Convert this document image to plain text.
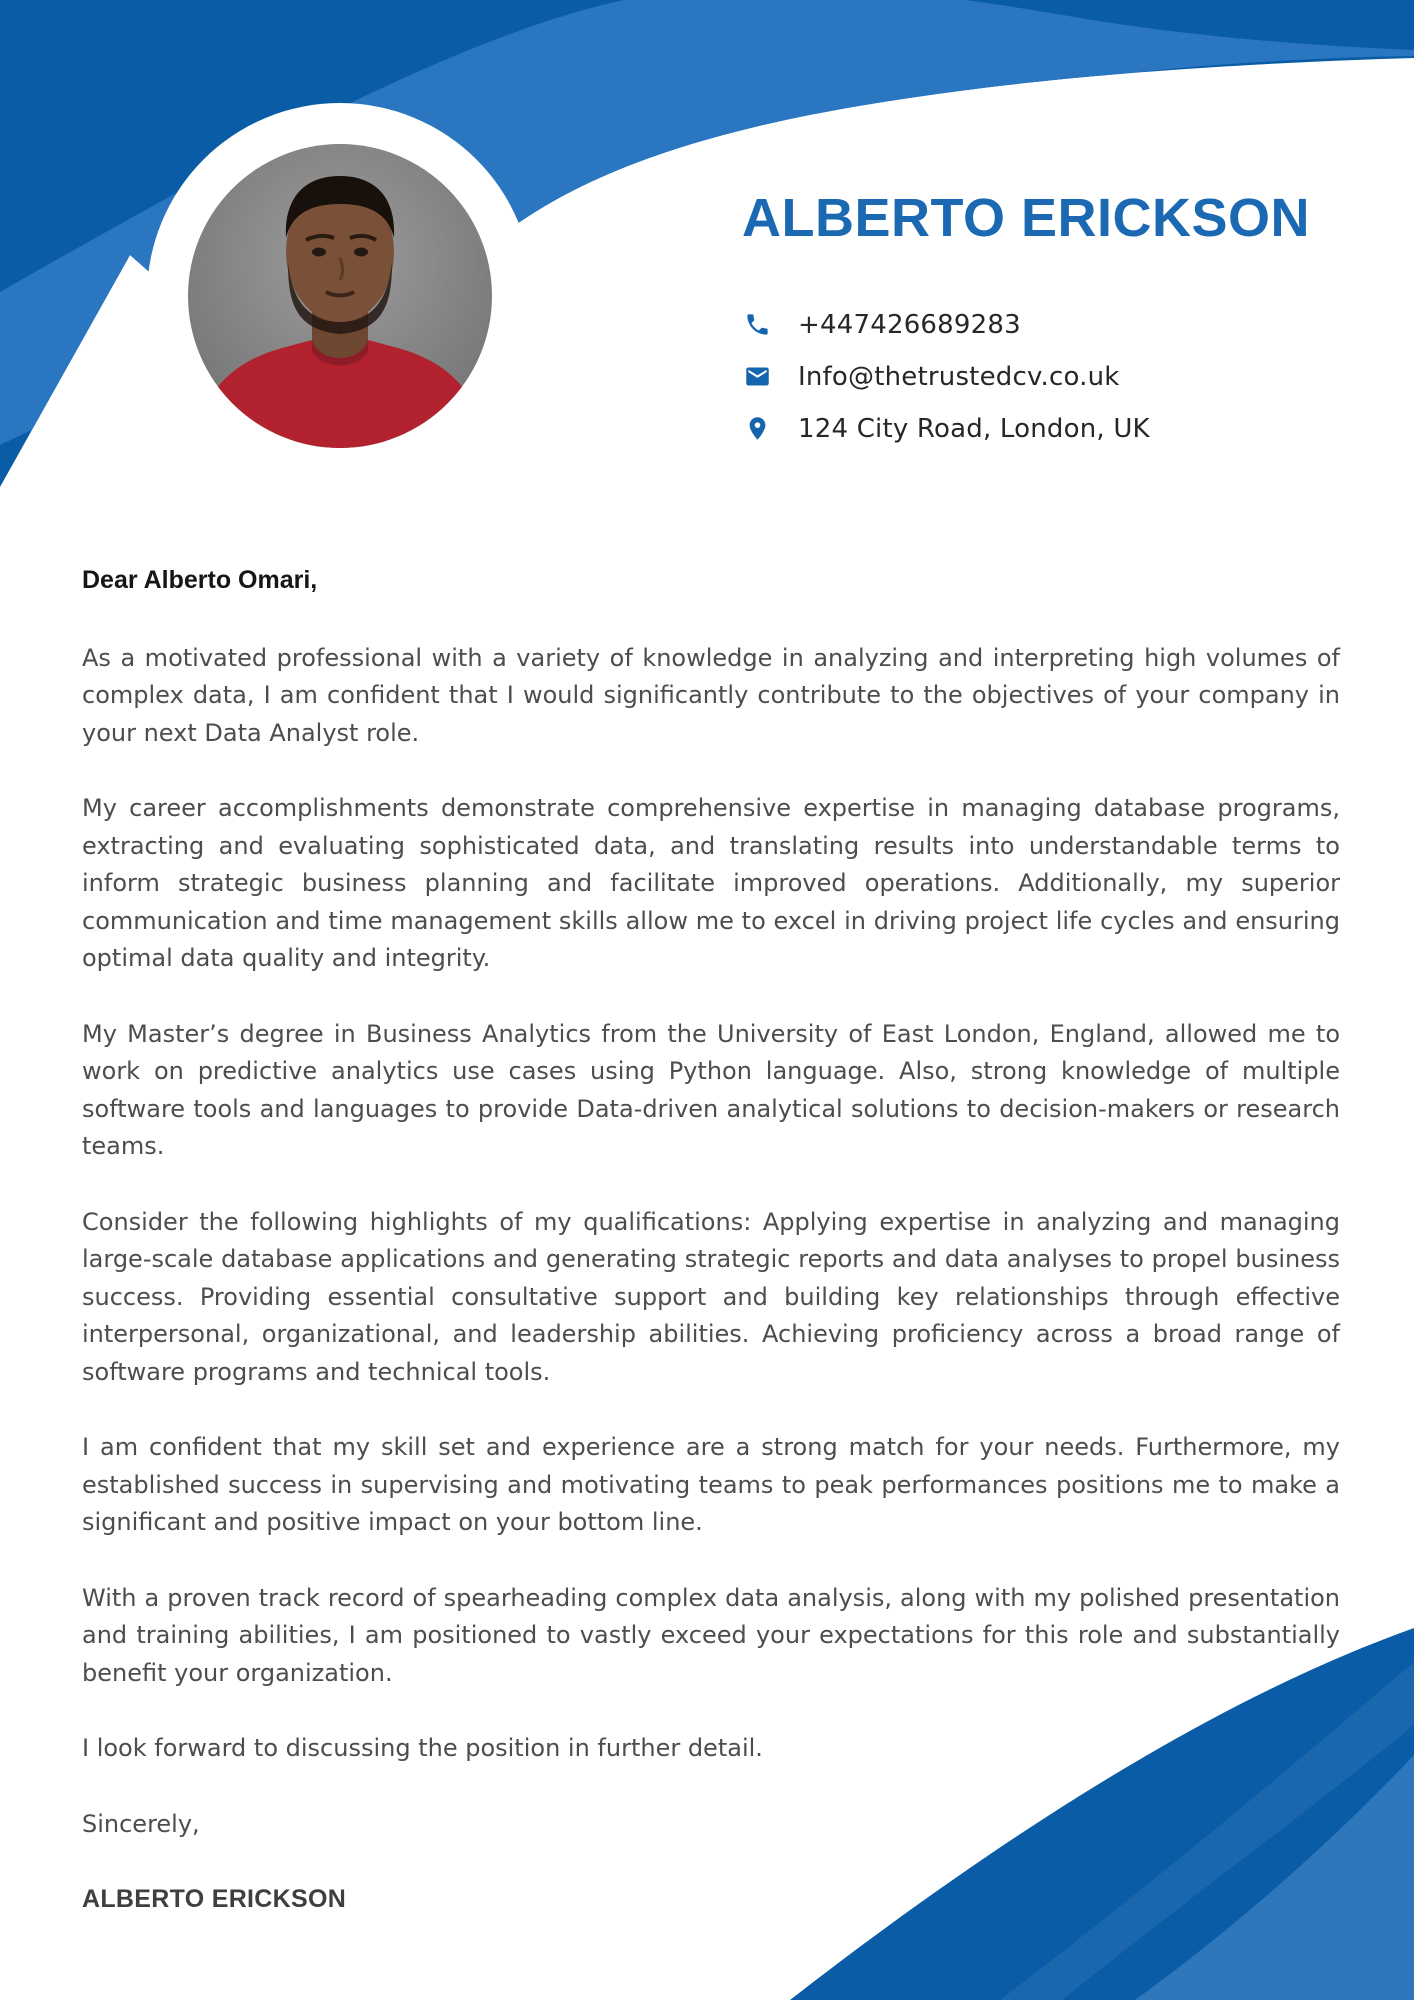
ALBERTO ERICKSON
+447426689283
Info@thetrustedcv.co.uk
124 City Road, London, UK

Dear Alberto Omari,

As a motivated professional with a variety of knowledge in analyzing and interpreting high volumes of complex data, I am confident that I would significantly contribute to the objectives of your company in your next Data Analyst role.

My career accomplishments demonstrate comprehensive expertise in managing database programs, extracting and evaluating sophisticated data, and translating results into understandable terms to inform strategic business planning and facilitate improved operations. Additionally, my superior communication and time management skills allow me to excel in driving project life cycles and ensuring optimal data quality and integrity.

My Master’s degree in Business Analytics from the University of East London, England, allowed me to work on predictive analytics use cases using Python language. Also, strong knowledge of multiple software tools and languages to provide Data-driven analytical solutions to decision-makers or research teams.

Consider the following highlights of my qualifications: Applying expertise in analyzing and managing large-scale database applications and generating strategic reports and data analyses to propel business success. Providing essential consultative support and building key relationships through effective interpersonal, organizational, and leadership abilities. Achieving proficiency across a broad range of software programs and technical tools.

I am confident that my skill set and experience are a strong match for your needs. Furthermore, my established success in supervising and motivating teams to peak performances positions me to make a significant and positive impact on your bottom line.

With a proven track record of spearheading complex data analysis, along with my polished presentation and training abilities, I am positioned to vastly exceed your expectations for this role and substantially benefit your organization.

I look forward to discussing the position in further detail.

Sincerely,

ALBERTO ERICKSON
